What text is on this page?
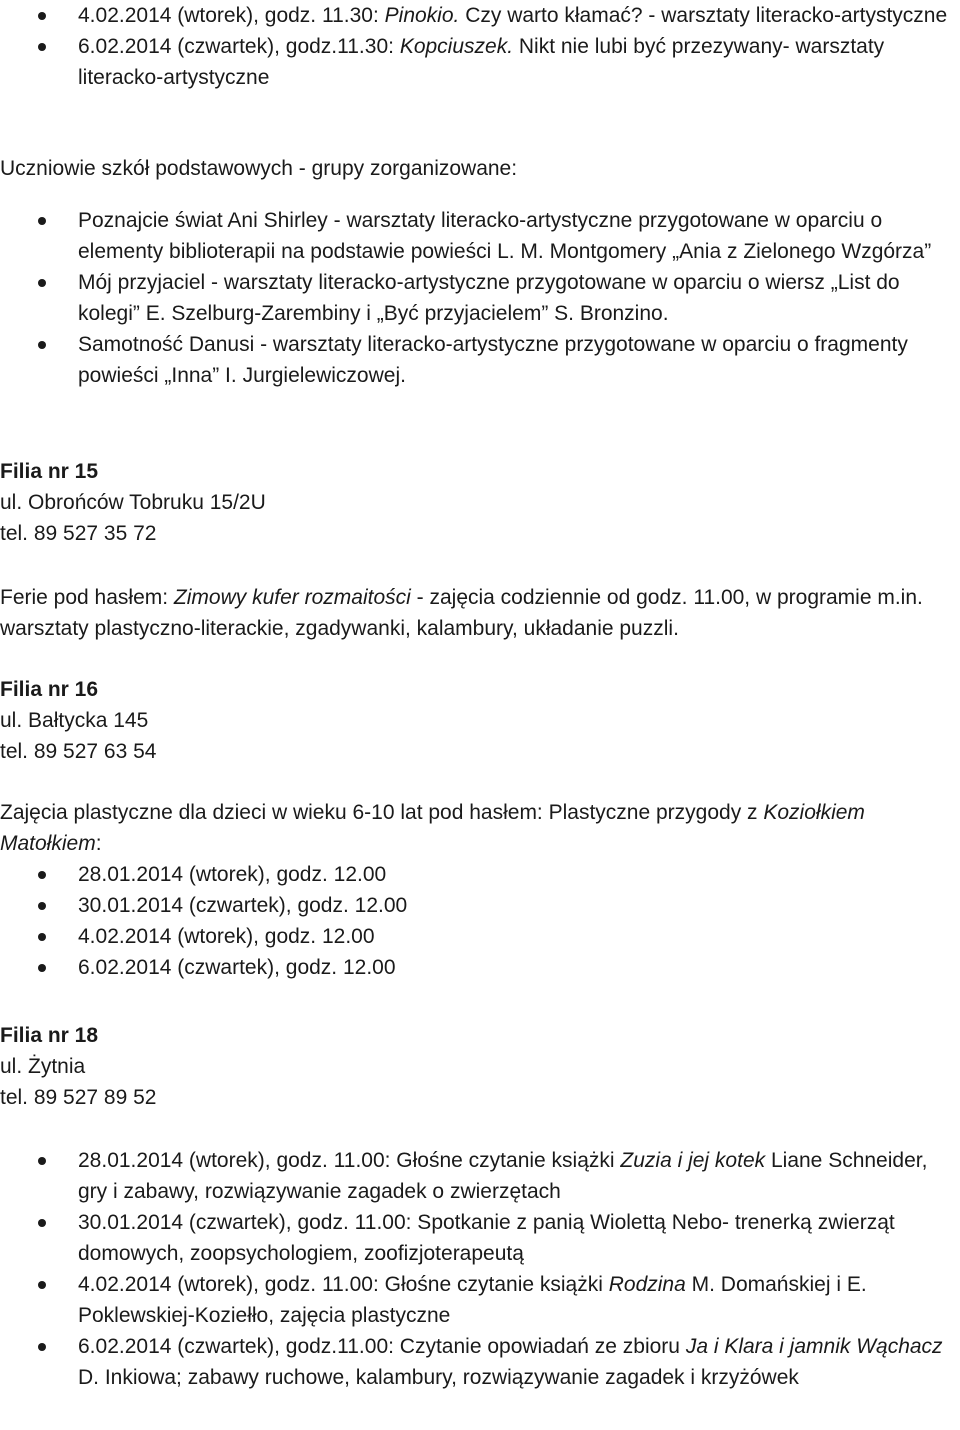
4.02.2014 (wtorek), godz. 11.30: Pinokio. Czy warto kłamać? - warsztaty literacko-artystyczne
6.02.2014 (czwartek), godz.11.30: Kopciuszek. Nikt nie lubi być przezywany- warsztaty literacko-artystyczne
Uczniowie szkół podstawowych - grupy zorganizowane:
Poznajcie świat Ani Shirley - warsztaty literacko-artystyczne przygotowane w oparciu o elementy biblioterapii na podstawie powieści L. M. Montgomery „Ania z Zielonego Wzgórza”
Mój przyjaciel - warsztaty literacko-artystyczne przygotowane w oparciu o wiersz „List do kolegi” E. Szelburg-Zarembiny i „Być przyjacielem” S. Bronzino.
Samotność Danusi - warsztaty literacko-artystyczne przygotowane w oparciu o fragmenty powieści „Inna” I. Jurgielewiczowej.
Filia nr 15
ul. Obrońców Tobruku 15/2U
tel. 89 527 35 72
Ferie pod hasłem: Zimowy kufer rozmaitości - zajęcia codziennie od godz. 11.00, w programie m.in. warsztaty plastyczno-literackie, zgadywanki, kalambury, układanie puzzli.
Filia nr 16
ul. Bałtycka 145
tel. 89 527 63 54
Zajęcia plastyczne dla dzieci w wieku 6-10 lat pod hasłem: Plastyczne przygody z Koziołkiem Matołkiem:
28.01.2014 (wtorek), godz. 12.00
30.01.2014 (czwartek), godz. 12.00
4.02.2014 (wtorek), godz. 12.00
6.02.2014 (czwartek), godz. 12.00
Filia nr 18
ul. Żytnia
tel. 89 527 89 52
28.01.2014 (wtorek), godz. 11.00: Głośne czytanie książki Zuzia i jej kotek Liane Schneider, gry i zabawy, rozwiązywanie zagadek o zwierzętach
30.01.2014 (czwartek), godz. 11.00: Spotkanie z panią Wiolettą Nebo- trenerką zwierząt domowych, zoopsychologiem, zoofizjoterapeutą
4.02.2014 (wtorek), godz. 11.00: Głośne czytanie książki Rodzina M. Domańskiej i E. Poklewskiej-Koziełło, zajęcia plastyczne
6.02.2014 (czwartek), godz.11.00: Czytanie opowiadań ze zbioru Ja i Klara i jamnik Wąchacz D. Inkiowa; zabawy ruchowe, kalambury, rozwiązywanie zagadek i krzyżówek
